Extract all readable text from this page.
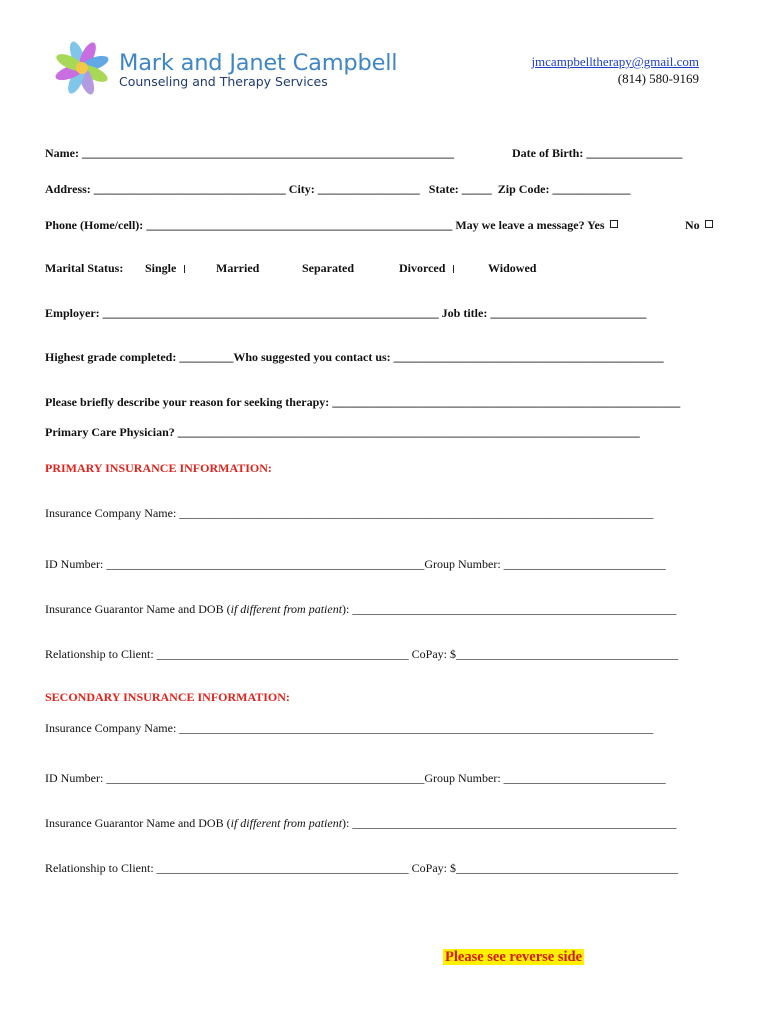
Mark and Janet Campbell
Counseling and Therapy Services
jmcampbelltherapy@gmail.com
(814) 580-9169
Name: ______________________________________________________________	Date of Birth: ________________
Address: ________________________________ City: _________________ State: _____ Zip Code: _____________
Phone (Home/cell): ___________________________________________________ May we leave a message? Yes	No
Marital Status: Single	Married	Separated	Divorced	Widowed
Employer: ________________________________________________________ Job title: __________________________
Highest grade completed: _________Who suggested you contact us: _____________________________________________
Please briefly describe your reason for seeking therapy: __________________________________________________________
Primary Care Physician? _____________________________________________________________________________
PRIMARY INSURANCE INFORMATION:
Insurance Company Name: _______________________________________________________________________________
ID Number: _____________________________________________________Group Number: ___________________________
Insurance Guarantor Name and DOB (if different from patient): ______________________________________________________
Relationship to Client: __________________________________________ CoPay: $_____________________________________
SECONDARY INSURANCE INFORMATION:
Insurance Company Name: _______________________________________________________________________________
ID Number: _____________________________________________________Group Number: ___________________________
Insurance Guarantor Name and DOB (if different from patient): ______________________________________________________
Relationship to Client: __________________________________________ CoPay: $_____________________________________
Please see reverse side
